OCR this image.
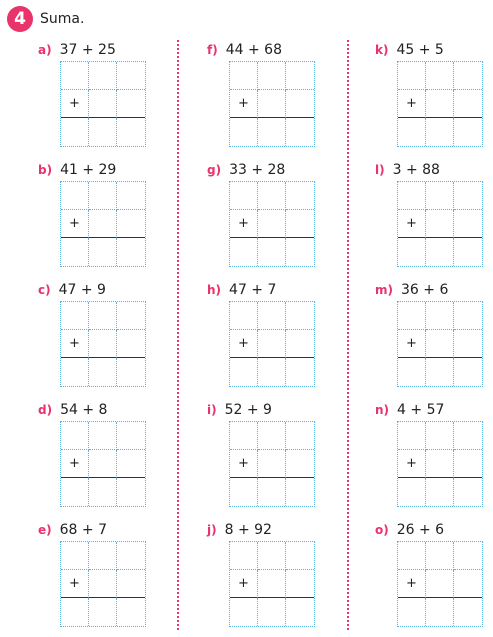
4	Suma.
a) 37 + 25
+
b) 41 + 29
+
c) 47 + 9
+
d) 54 + 8
+
e) 68 + 7
+
f) 44 + 68
+
g) 33 + 28
+
h) 47 + 7
+
i) 52 + 9
+
j) 8 + 92
+
k) 45 + 5
+
l) 3 + 88
+
m) 36 + 6
+
n) 4 + 57
+
o) 26 + 6
+
